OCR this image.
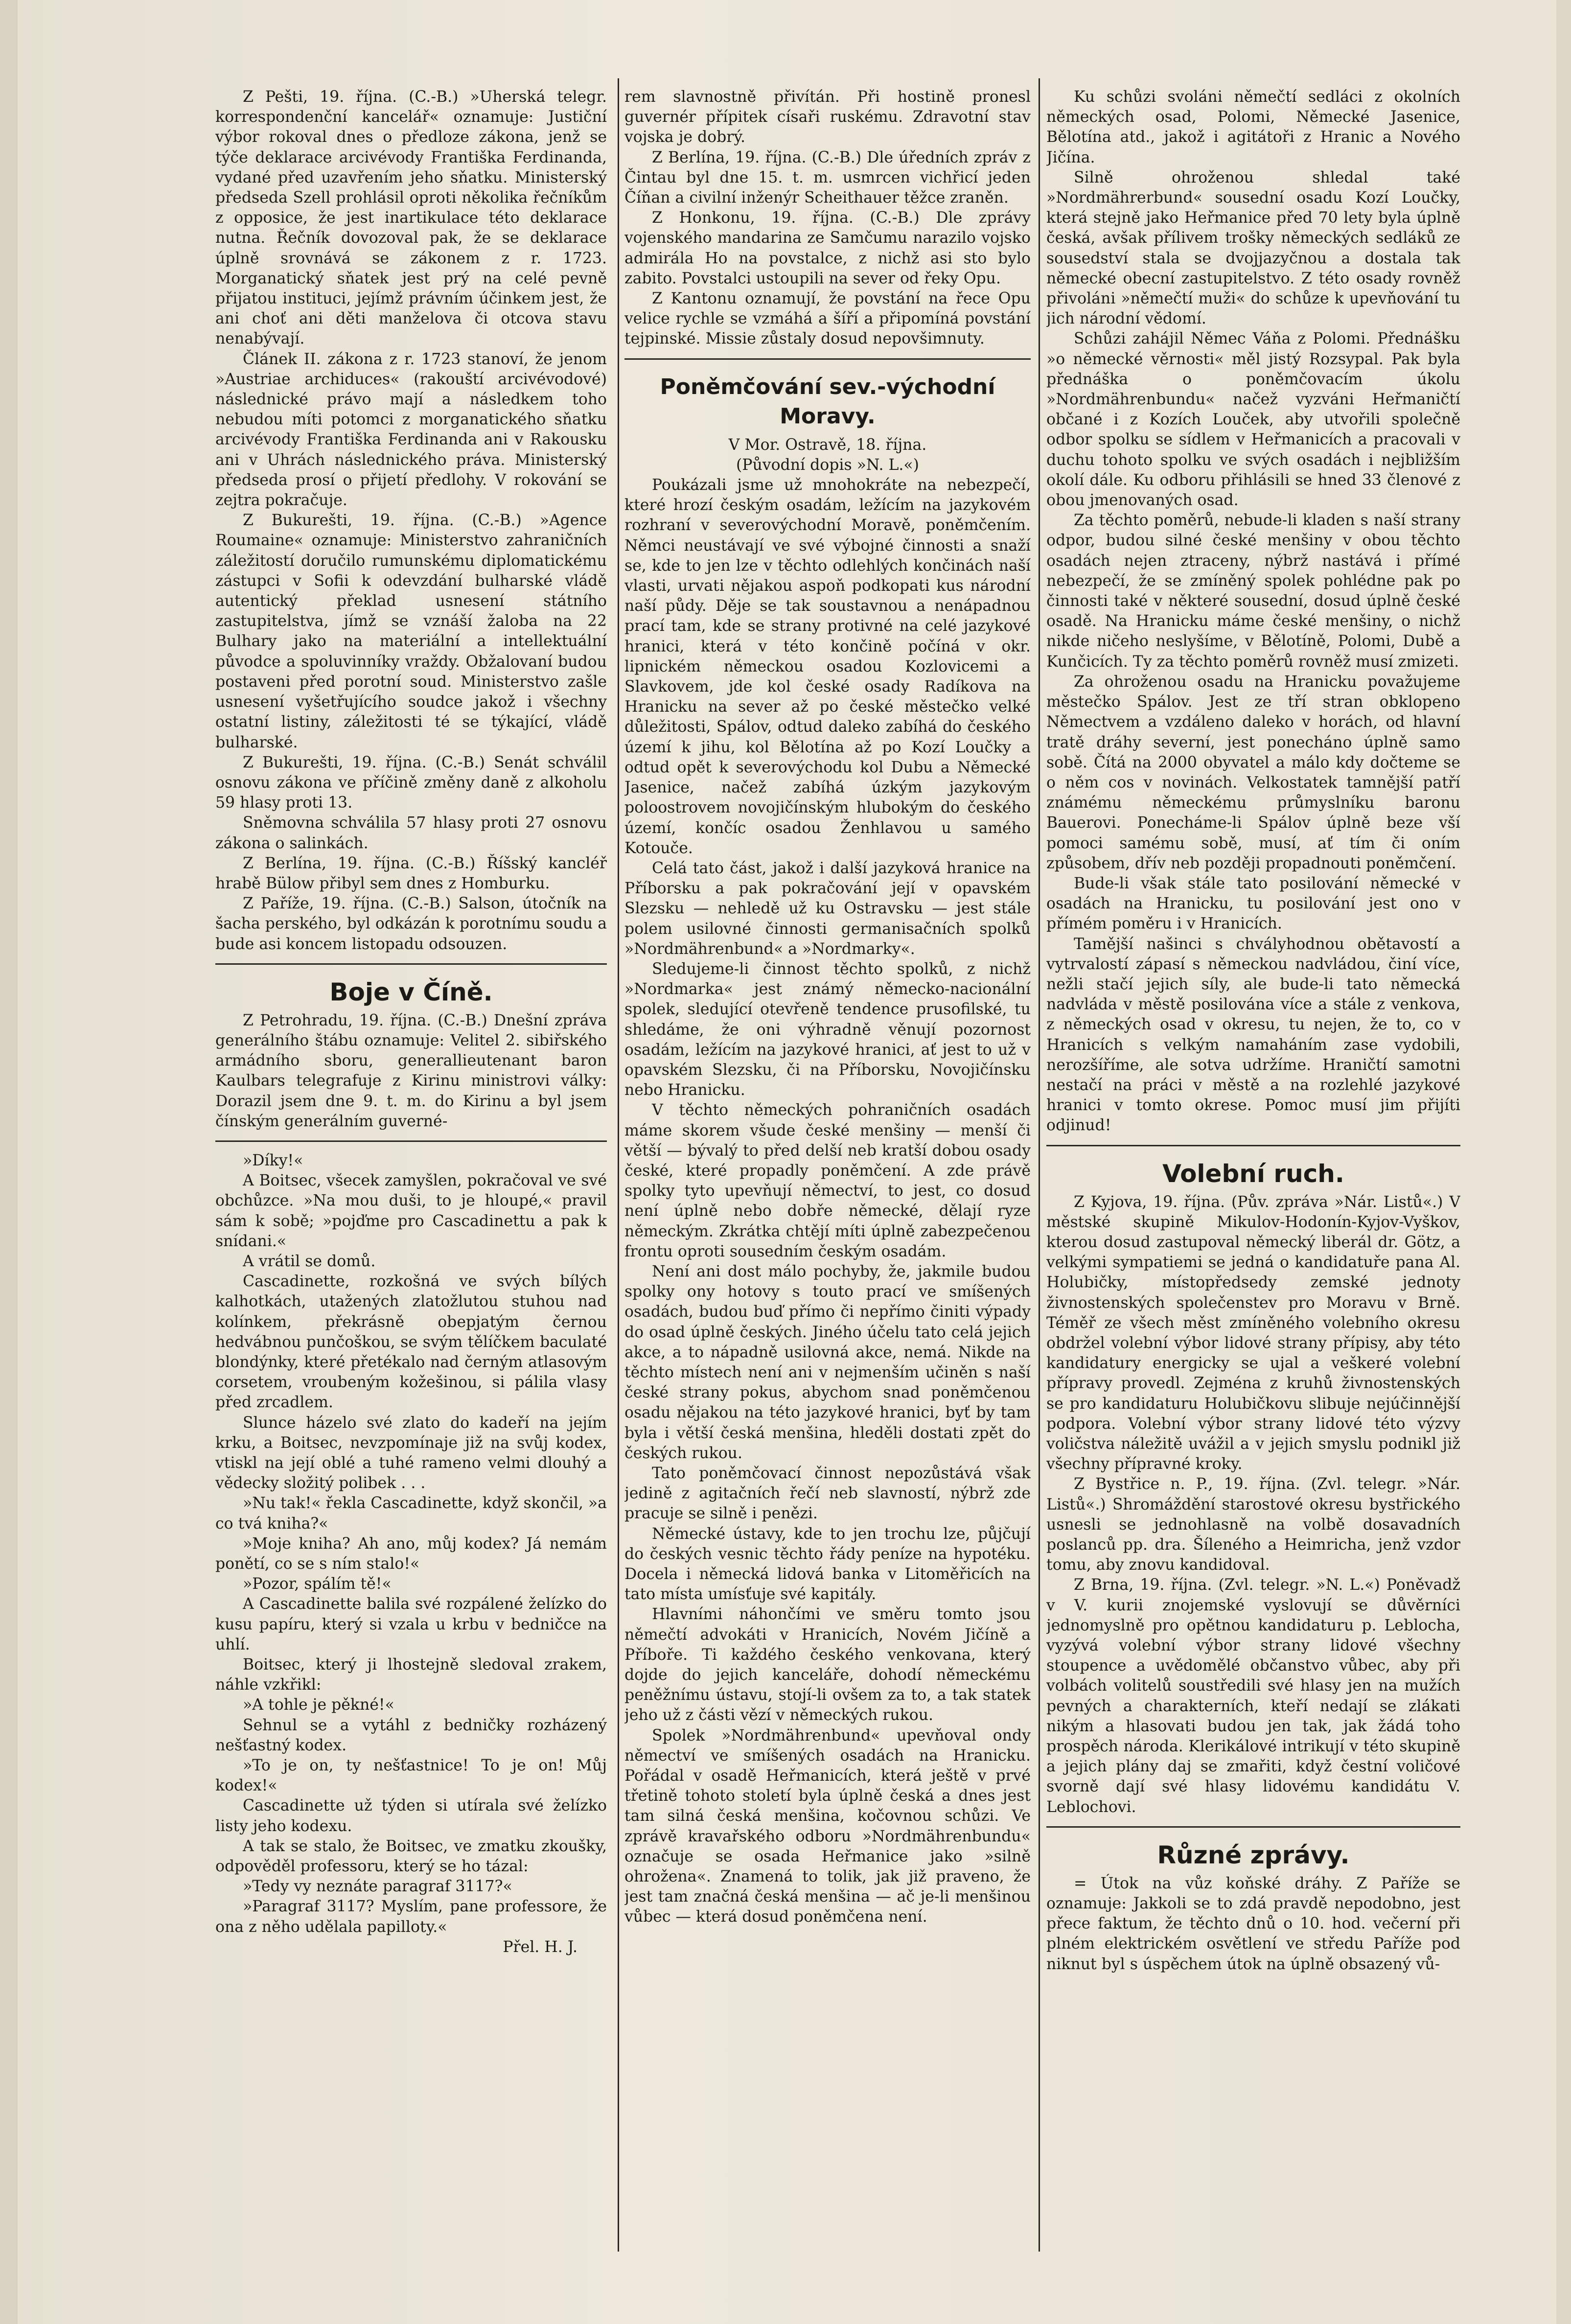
Z Pešti, 19. října. (C.-B.) »Uherská telegr. korrespondenční kancelář« oznamuje: Justiční výbor rokoval dnes o předloze zákona, jenž se týče deklarace arcivévody Františka Ferdinanda, vydané před uzavřením jeho sňatku. Ministerský předseda Szell prohlásil oproti několika řečníkům z opposice, že jest inartikulace této deklarace nutna. Řečník dovozoval pak, že se deklarace úplně srovnává se zákonem z r. 1723. Morganatický sňatek jest prý na celé pevně přijatou instituci, jejímž právním účinkem jest, že ani choť ani děti manželova či otcova stavu nenabývají.

Článek II. zákona z r. 1723 stanoví, že jenom »Austriae archiduces« (rakouští arcivévodové) následnické právo mají a následkem toho nebudou míti potomci z morganatického sňatku arcivévody Františka Ferdinanda ani v Rakousku ani v Uhrách následnického práva. Ministerský předseda prosí o přijetí předlohy. V rokování se zejtra pokračuje.

Z Bukurešti, 19. října. (C.-B.) »Agence Roumaine« oznamuje: Ministerstvo zahraničních záležitostí doručilo rumunskému diplomatickému zástupci v Sofii k odevzdání bulharské vládě autentický překlad usnesení státního zastupitelstva, jímž se vznáší žaloba na 22 Bulhary jako na materiální a intellektuální původce a spoluvinníky vraždy. Obžalovaní budou postaveni před porotní soud. Ministerstvo zašle usnesení vyšetřujícího soudce jakož i všechny ostatní listiny, záležitosti té se týkající, vládě bulharské.

Z Bukurešti, 19. října. (C.-B.) Senát schválil osnovu zákona ve příčině změny daně z alkoholu 59 hlasy proti 13.

Sněmovna schválila 57 hlasy proti 27 osnovu zákona o salinkách.

Z Berlína, 19. října. (C.-B.) Říšský kancléř hrabě Bülow přibyl sem dnes z Homburku.

Z Paříže, 19. října. (C.-B.) Salson, útočník na šacha perského, byl odkázán k porotnímu soudu a bude asi koncem listopadu odsouzen.

Boje v Číně.

Z Petrohradu, 19. října. (C.-B.) Dnešní zpráva generálního štábu oznamuje: Velitel 2. sibiřského armádního sboru, generallieutenant baron Kaulbars telegrafuje z Kirinu ministrovi války: Dorazil jsem dne 9. t. m. do Kirinu a byl jsem čínským generálním guverné-

»Díky!«

A Boitsec, všecek zamyšlen, pokračoval ve své obchůzce. »Na mou duši, to je hloupé,« pravil sám k sobě; »pojďme pro Cascadinettu a pak k snídani.«

A vrátil se domů.

Cascadinette, rozkošná ve svých bílých kalhotkách, utažených zlatožlutou stuhou nad kolínkem, překrásně obepjatým černou hedvábnou punčoškou, se svým tělíčkem baculaté blondýnky, které přetékalo nad černým atlasovým corsetem, vroubeným kožešinou, si pálila vlasy před zrcadlem.

Slunce házelo své zlato do kadeří na jejím krku, a Boitsec, nevzpomínaje již na svůj kodex, vtiskl na její oblé a tuhé rameno velmi dlouhý a vědecky složitý polibek . . .

»Nu tak!« řekla Cascadinette, když skončil, »a co tvá kniha?«

»Moje kniha? Ah ano, můj kodex? Já nemám ponětí, co se s ním stalo!«

»Pozor, spálím tě!«

A Cascadinette balila své rozpálené želízko do kusu papíru, který si vzala u krbu v bedničce na uhlí.

Boitsec, který ji lhostejně sledoval zrakem, náhle vzkřikl:

»A tohle je pěkné!«

Sehnul se a vytáhl z bedničky rozházený nešťastný kodex.

»To je on, ty nešťastnice! To je on! Můj kodex!«

Cascadinette už týden si utírala své želízko listy jeho kodexu.

A tak se stalo, že Boitsec, ve zmatku zkoušky, odpověděl professoru, který se ho tázal:

»Tedy vy neznáte paragraf 3117?«

»Paragraf 3117? Myslím, pane professore, že ona z něho udělala papilloty.«

Přel. H. J.

rem slavnostně přivítán. Při hostině pronesl guvernér přípitek císaři ruskému. Zdravotní stav vojska je dobrý.

Z Berlína, 19. října. (C.-B.) Dle úředních zpráv z Čintau byl dne 15. t. m. usmrcen vichřicí jeden Číňan a civilní inženýr Scheithauer těžce zraněn.

Z Honkonu, 19. října. (C.-B.) Dle zprávy vojenského mandarina ze Samčumu narazilo vojsko admirála Ho na povstalce, z nichž asi sto bylo zabito. Povstalci ustoupili na sever od řeky Opu.

Z Kantonu oznamují, že povstání na řece Opu velice rychle se vzmáhá a šíří a připomíná povstání tejpinské. Missie zůstaly dosud nepovšimnuty.

Poněmčování sev.-východní Moravy.

V Mor. Ostravě, 18. října.

(Původní dopis »N. L.«)

Poukázali jsme už mnohokráte na nebezpečí, které hrozí českým osadám, ležícím na jazykovém rozhraní v severovýchodní Moravě, poněmčením. Němci neustávají ve své výbojné činnosti a snaží se, kde to jen lze v těchto odlehlých končinách naší vlasti, urvati nějakou aspoň podkopati kus národní naší půdy. Děje se tak soustavnou a nenápadnou prací tam, kde se strany protivné na celé jazykové hranici, která v této končině počíná v okr. lipnickém německou osadou Kozlovicemi a Slavkovem, jde kol české osady Radíkova na Hranicku na sever až po české městečko velké důležitosti, Spálov, odtud daleko zabíhá do českého území k jihu, kol Bělotína až po Kozí Loučky a odtud opět k severovýchodu kol Dubu a Německé Jasenice, načež zabíhá úzkým jazykovým poloostrovem novojičínským hlubokým do českého území, končíc osadou Ženhlavou u samého Kotouče.

Celá tato část, jakož i další jazyková hranice na Příborsku a pak pokračování její v opavském Slezsku — nehledě už ku Ostravsku — jest stále polem usilovné činnosti germanisačních spolků »Nordmährenbund« a »Nordmarky«.

Sledujeme-li činnost těchto spolků, z nichž »Nordmarka« jest známý německo-nacionální spolek, sledující otevřeně tendence prusofilské, tu shledáme, že oni výhradně věnují pozornost osadám, ležícím na jazykové hranici, ať jest to už v opavském Slezsku, či na Příborsku, Novojičínsku nebo Hranicku.

V těchto německých pohraničních osadách máme skorem všude české menšiny — menší či větší — bývalý to před delší neb kratší dobou osady české, které propadly poněmčení. A zde právě spolky tyto upevňují němectví, to jest, co dosud není úplně nebo dobře německé, dělají ryze německým. Zkrátka chtějí míti úplně zabezpečenou frontu oproti sousedním českým osadám.

Není ani dost málo pochyby, že, jakmile budou spolky ony hotovy s touto prací ve smíšených osadách, budou buď přímo či nepřímo činiti výpady do osad úplně českých. Jiného účelu tato celá jejich akce, a to nápadně usilovná akce, nemá. Nikde na těchto místech není ani v nejmenším učiněn s naší české strany pokus, abychom snad poněmčenou osadu nějakou na této jazykové hranici, byť by tam byla i větší česká menšina, hleděli dostati zpět do českých rukou.

Tato poněmčovací činnost nepozůstává však jedině z agitačních řečí neb slavností, nýbrž zde pracuje se silně i penězi.

Německé ústavy, kde to jen trochu lze, půjčují do českých vesnic těchto řády peníze na hypotéku. Docela i německá lidová banka v Litoměřicích na tato místa umísťuje své kapitály.

Hlavními náhončími ve směru tomto jsou němečtí advokáti v Hranicích, Novém Jičíně a Příboře. Ti každého českého venkovana, který dojde do jejich kanceláře, dohodí německému peněžnímu ústavu, stojí-li ovšem za to, a tak statek jeho už z části vězí v německých rukou.

Spolek »Nordmährenbund« upevňoval ondy němectví ve smíšených osadách na Hranicku. Pořádal v osadě Heřmanicích, která ještě v prvé třetině tohoto století byla úplně česká a dnes jest tam silná česká menšina, kočovnou schůzi. Ve zprávě kravařského odboru »Nordmährenbundu« označuje se osada Heřmanice jako »silně ohrožena«. Znamená to tolik, jak již praveno, že jest tam značná česká menšina — ač je-li menšinou vůbec — která dosud poněmčena není.

Ku schůzi svoláni němečtí sedláci z okolních německých osad, Polomi, Německé Jasenice, Bělotína atd., jakož i agitátoři z Hranic a Nového Jičína.

Silně ohroženou shledal také »Nordmährerbund« sousední osadu Kozí Loučky, která stejně jako Heřmanice před 70 lety byla úplně česká, avšak přílivem trošky německých sedláků ze sousedství stala se dvojjazyčnou a dostala tak německé obecní zastupitelstvo. Z této osady rovněž přivoláni »němečtí muži« do schůze k upevňování tu jich národní vědomí.

Schůzi zahájil Němec Váňa z Polomi. Přednášku »o německé věrnosti« měl jistý Rozsypal. Pak byla přednáška o poněmčovacím úkolu »Nordmährenbundu« načež vyzváni Heřmaničtí občané i z Kozích Louček, aby utvořili společně odbor spolku se sídlem v Heřmanicích a pracovali v duchu tohoto spolku ve svých osadách i nejbližším okolí dále. Ku odboru přihlásili se hned 33 členové z obou jmenovaných osad.

Za těchto poměrů, nebude-li kladen s naší strany odpor, budou silné české menšiny v obou těchto osadách nejen ztraceny, nýbrž nastává i přímé nebezpečí, že se zmíněný spolek pohlédne pak po činnosti také v některé sousední, dosud úplně české osadě. Na Hranicku máme české menšiny, o nichž nikde ničeho neslyšíme, v Bělotíně, Polomi, Dubě a Kunčicích. Ty za těchto poměrů rovněž musí zmizeti.

Za ohroženou osadu na Hranicku považujeme městečko Spálov. Jest ze tří stran obklopeno Němectvem a vzdáleno daleko v horách, od hlavní tratě dráhy severní, jest ponecháno úplně samo sobě. Čítá na 2000 obyvatel a málo kdy dočteme se o něm cos v novinách. Velkostatek tamnější patří známému německému průmyslníku baronu Bauerovi. Ponecháme-li Spálov úplně beze vší pomoci samému sobě, musí, ať tím či oním způsobem, dřív neb později propadnouti poněmčení.

Bude-li však stále tato posilování německé v osadách na Hranicku, tu posilování jest ono v přímém poměru i v Hranicích.

Tamější našinci s chvályhodnou obětavostí a vytrvalostí zápasí s německou nadvládou, činí více, nežli stačí jejich síly, ale bude-li tato německá nadvláda v městě posilována více a stále z venkova, z německých osad v okresu, tu nejen, že to, co v Hranicích s velkým namaháním zase vydobili, nerozšíříme, ale sotva udržíme. Hraničtí samotni nestačí na práci v městě a na rozlehlé jazykové hranici v tomto okrese. Pomoc musí jim přijíti odjinud!

Volební ruch.

Z Kyjova, 19. října. (Pův. zpráva »Nár. Listů«.) V městské skupině Mikulov-Hodonín-Kyjov-Vyškov, kterou dosud zastupoval německý liberál dr. Götz, a velkými sympatiemi se jedná o kandidatuře pana Al. Holubičky, místopředsedy zemské jednoty živnostenských společenstev pro Moravu v Brně. Téměř ze všech měst zmíněného volebního okresu obdržel volební výbor lidové strany přípisy, aby této kandidatury energicky se ujal a veškeré volební přípravy provedl. Zejména z kruhů živnostenských se pro kandidaturu Holubičkovu slibuje nejúčinnější podpora. Volební výbor strany lidové této výzvy voličstva náležitě uvážil a v jejich smyslu podnikl již všechny přípravné kroky.

Z Bystřice n. P., 19. října. (Zvl. telegr. »Nár. Listů«.) Shromáždění starostové okresu bystřického usnesli se jednohlasně na volbě dosavadních poslanců pp. dra. Šíleného a Heimricha, jenž vzdor tomu, aby znovu kandidoval.

Z Brna, 19. října. (Zvl. telegr. »N. L.«) Poněvadž v V. kurii znojemské vyslovují se důvěrníci jednomyslně pro opětnou kandidaturu p. Leblocha, vyzývá volební výbor strany lidové všechny stoupence a uvědomělé občanstvo vůbec, aby při volbách volitelů soustředili své hlasy jen na mužích pevných a charakterních, kteří nedají se zlákati nikým a hlasovati budou jen tak, jak žádá toho prospěch národa. Klerikálové intrikují v této skupině a jejich plány daj se zmařiti, když čestní voličové svorně dají své hlasy lidovému kandidátu V. Leblochovi.

Různé zprávy.

= Útok na vůz koňské dráhy. Z Paříže se oznamuje: Jakkoli se to zdá pravdě nepodobno, jest přece faktum, že těchto dnů o 10. hod. večerní při plném elektrickém osvětlení ve středu Paříže pod niknut byl s úspěchem útok na úplně obsazený vů-
